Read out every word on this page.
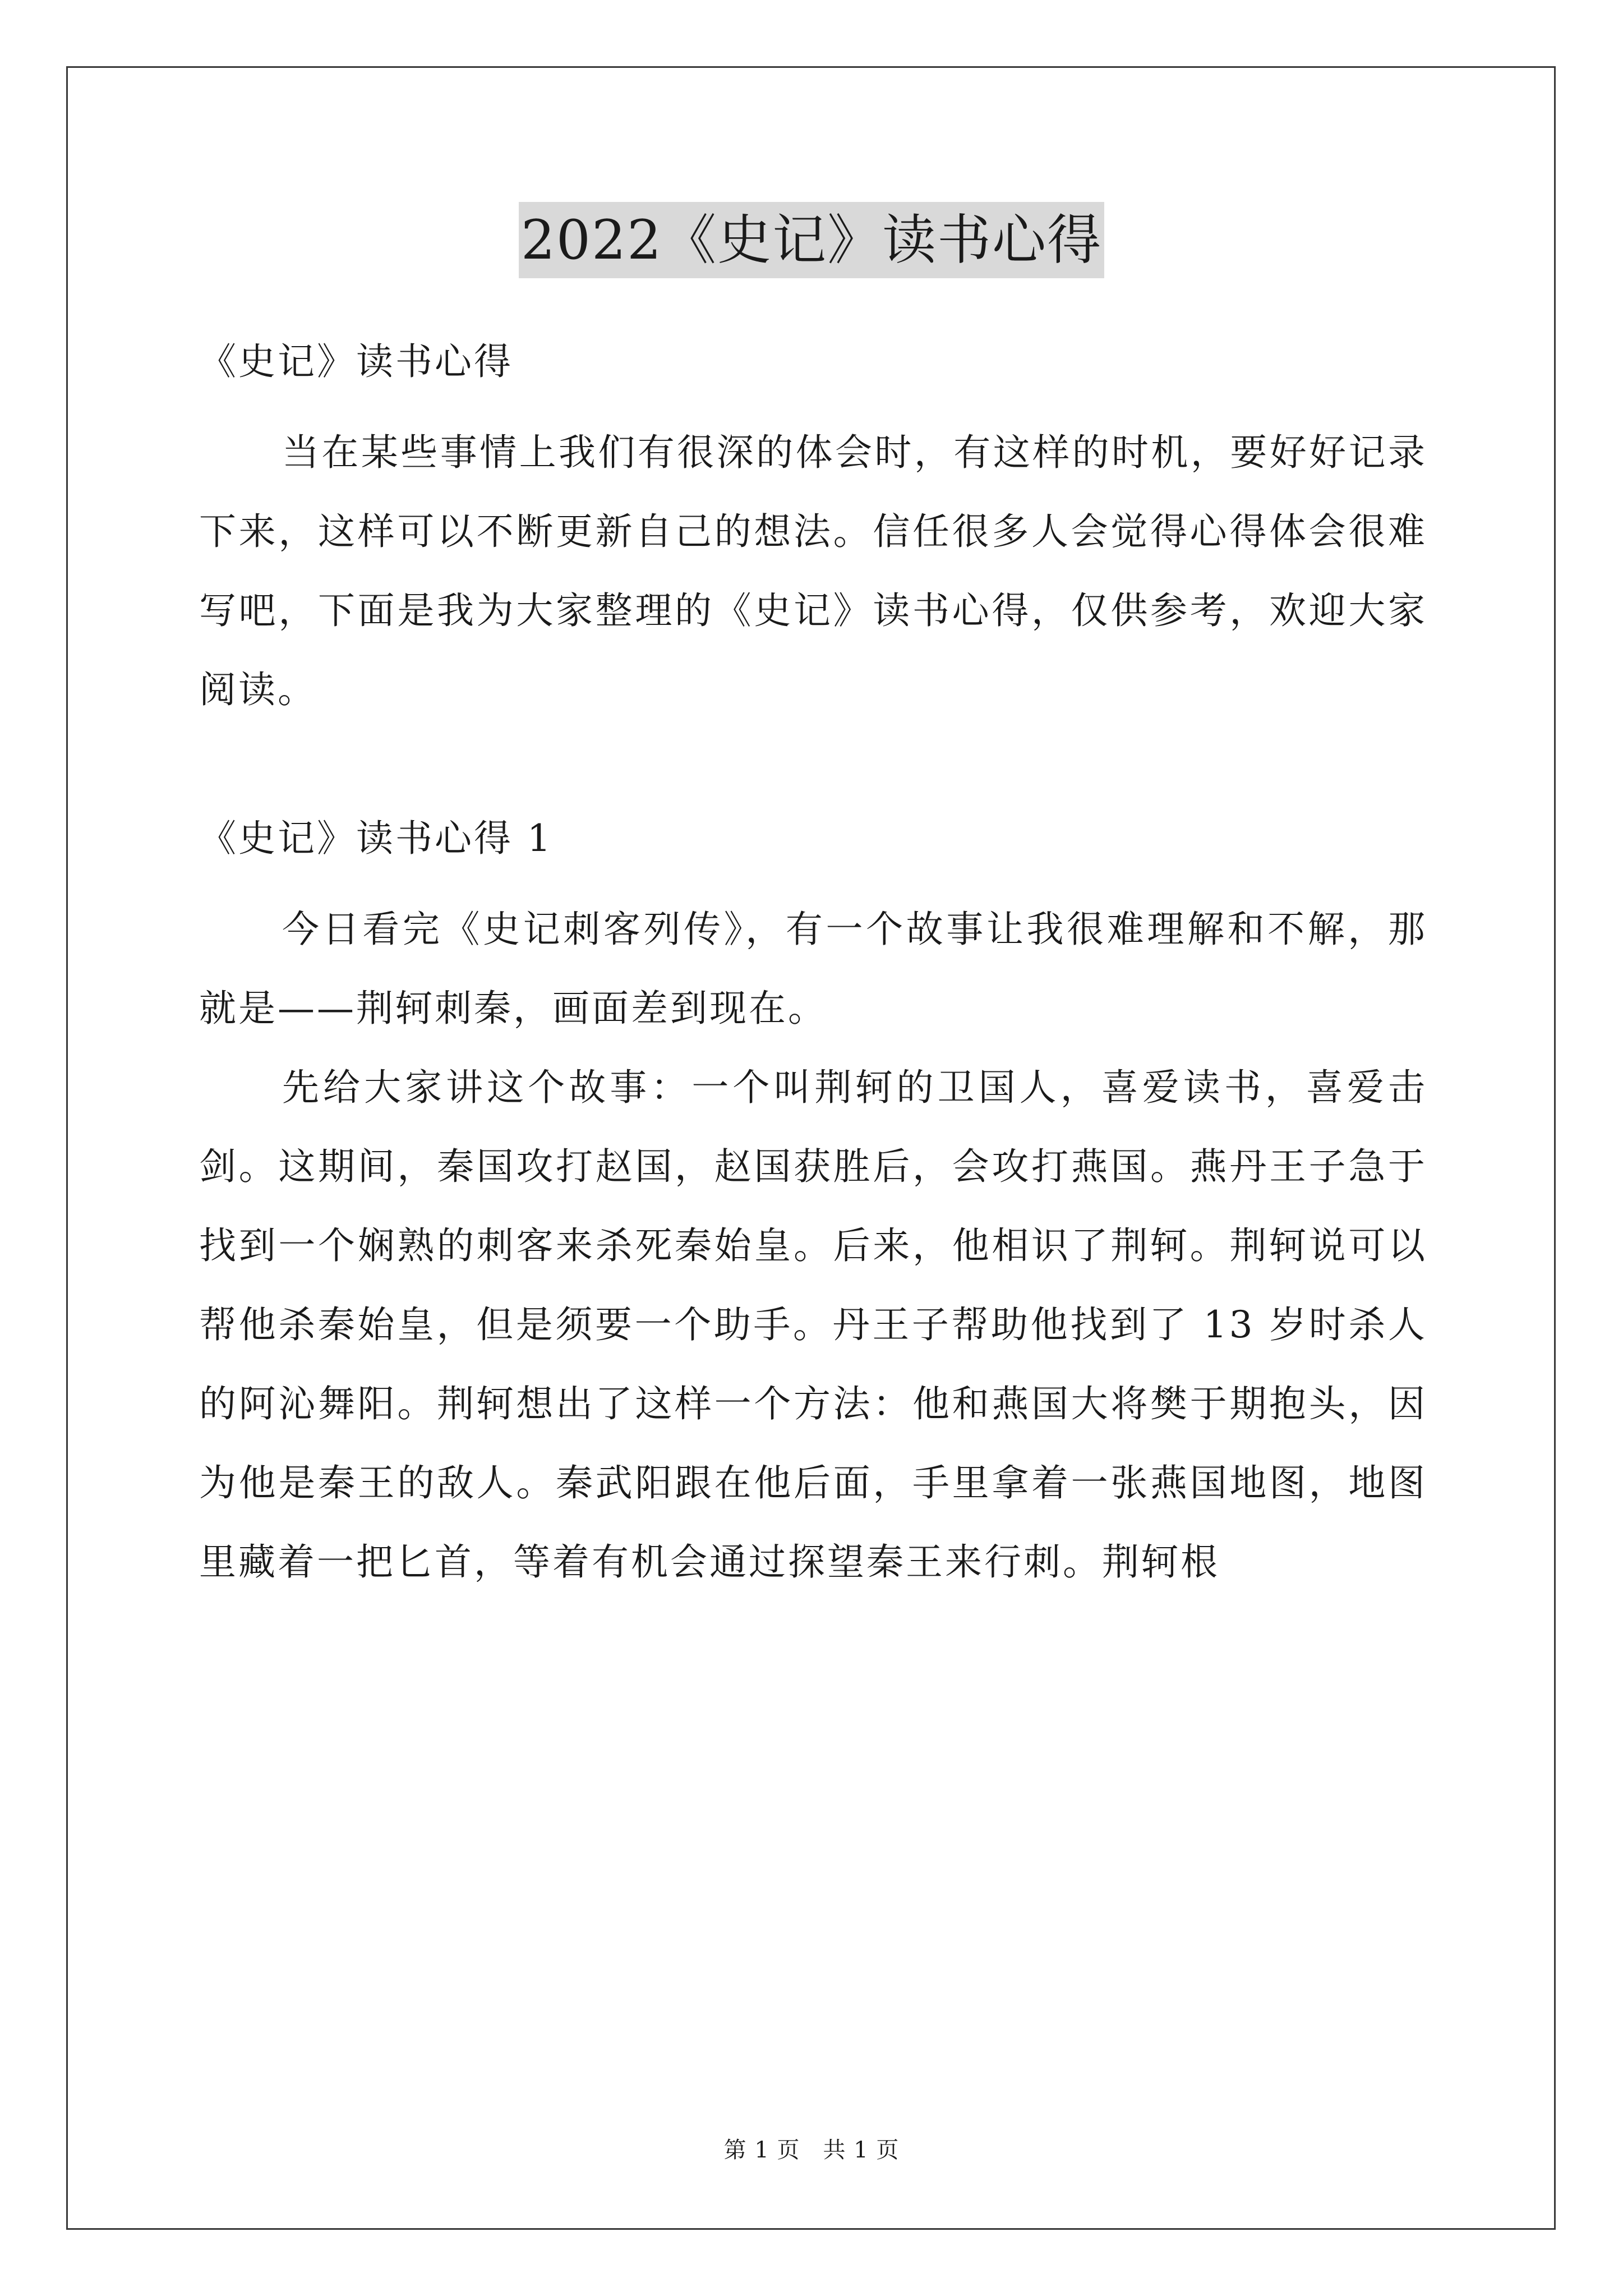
2022《史记》读书心得

《史记》读书心得

当在某些事情上我们有很深的体会时，有这样的时机，要好好记录下来，这样可以不断更新自己的想法。信任很多人会觉得心得体会很难写吧，下面是我为大家整理的《史记》读书心得，仅供参考，欢迎大家阅读。

《史记》读书心得 1

今日看完《史记刺客列传》，有一个故事让我很难理解和不解，那就是——荆轲刺秦，画面差到现在。

先给大家讲这个故事：一个叫荆轲的卫国人，喜爱读书，喜爱击剑。这期间，秦国攻打赵国，赵国获胜后，会攻打燕国。燕丹王子急于找到一个娴熟的刺客来杀死秦始皇。后来，他相识了荆轲。荆轲说可以帮他杀秦始皇，但是须要一个助手。丹王子帮助他找到了 13 岁时杀人的阿沁舞阳。荆轲想出了这样一个方法：他和燕国大将樊于期抱头，因为他是秦王的敌人。秦武阳跟在他后面，手里拿着一张燕国地图，地图里藏着一把匕首，等着有机会通过探望秦王来行刺。荆轲根

第 1 页　共 1 页
